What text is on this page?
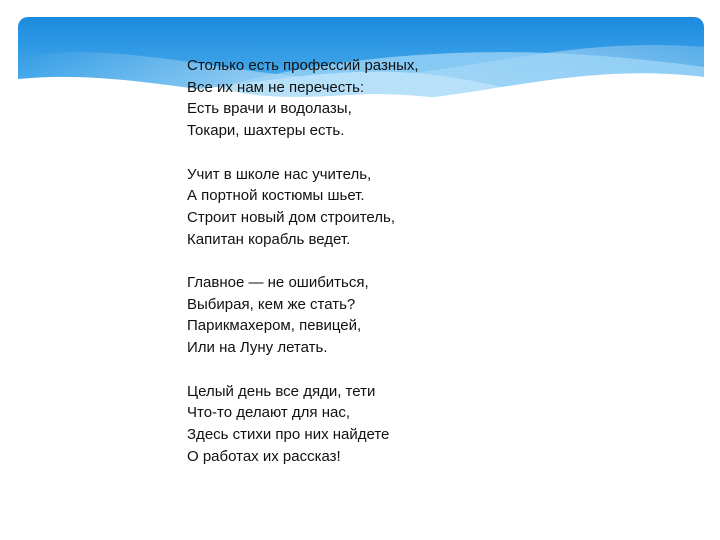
Столько есть профессий разных,
Все их нам не перечесть:
Есть врачи и водолазы,
Токари, шахтеры есть.
Учит в школе нас учитель,
А портной костюмы шьет.
Строит новый дом строитель,
Капитан корабль ведет.
Главное — не ошибиться,
Выбирая, кем же стать?
Парикмахером, певицей,
Или на Луну летать.
Целый день все дяди, тети
Что-то делают для нас,
Здесь стихи про них найдете
О работах их рассказ!
